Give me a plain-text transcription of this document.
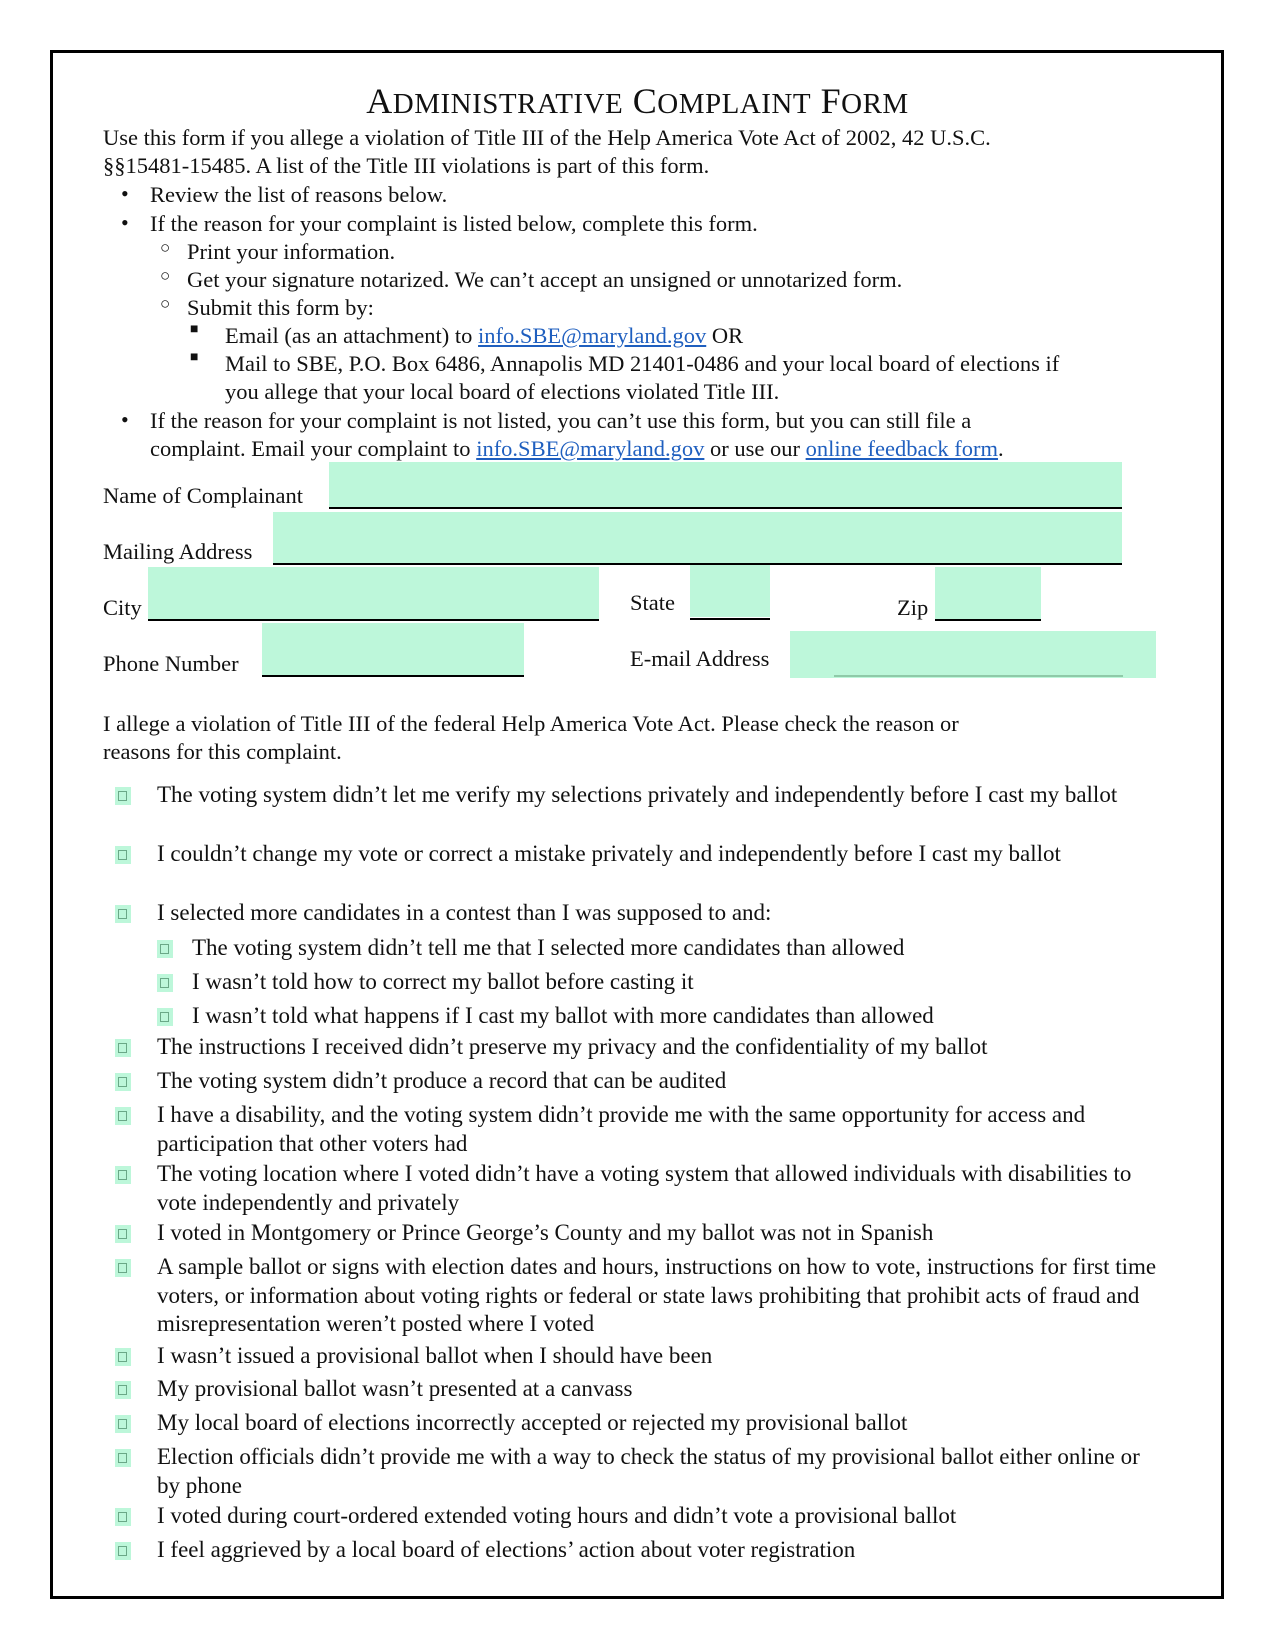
ADMINISTRATIVE COMPLAINT FORM
Use this form if you allege a violation of Title III of the Help America Vote Act of 2002, 42 U.S.C.
§§15481-15485. A list of the Title III violations is part of this form.
• Review the list of reasons below.
• If the reason for your complaint is listed below, complete this form.
○ Print your information.
○ Get your signature notarized. We can’t accept an unsigned or unnotarized form.
○ Submit this form by:
■ Email (as an attachment) to info.SBE@maryland.gov OR
■ Mail to SBE, P.O. Box 6486, Annapolis MD 21401-0486 and your local board of elections if
you allege that your local board of elections violated Title III.
• If the reason for your complaint is not listed, you can’t use this form, but you can still file a
complaint. Email your complaint to info.SBE@maryland.gov or use our online feedback form.
Name of Complainant
Mailing Address
City	State	Zip
Phone Number	E-mail Address
I allege a violation of Title III of the federal Help America Vote Act. Please check the reason or
reasons for this complaint.
The voting system didn’t let me verify my selections privately and independently before I cast my ballot
I couldn’t change my vote or correct a mistake privately and independently before I cast my ballot
I selected more candidates in a contest than I was supposed to and:
The voting system didn’t tell me that I selected more candidates than allowed
I wasn’t told how to correct my ballot before casting it
I wasn’t told what happens if I cast my ballot with more candidates than allowed
The instructions I received didn’t preserve my privacy and the confidentiality of my ballot
The voting system didn’t produce a record that can be audited
I have a disability, and the voting system didn’t provide me with the same opportunity for access and participation that other voters had
The voting location where I voted didn’t have a voting system that allowed individuals with disabilities to vote independently and privately
I voted in Montgomery or Prince George’s County and my ballot was not in Spanish
A sample ballot or signs with election dates and hours, instructions on how to vote, instructions for first time voters, or information about voting rights or federal or state laws prohibiting that prohibit acts of fraud and misrepresentation weren’t posted where I voted
I wasn’t issued a provisional ballot when I should have been
My provisional ballot wasn’t presented at a canvass
My local board of elections incorrectly accepted or rejected my provisional ballot
Election officials didn’t provide me with a way to check the status of my provisional ballot either online or by phone
I voted during court-ordered extended voting hours and didn’t vote a provisional ballot
I feel aggrieved by a local board of elections’ action about voter registration
